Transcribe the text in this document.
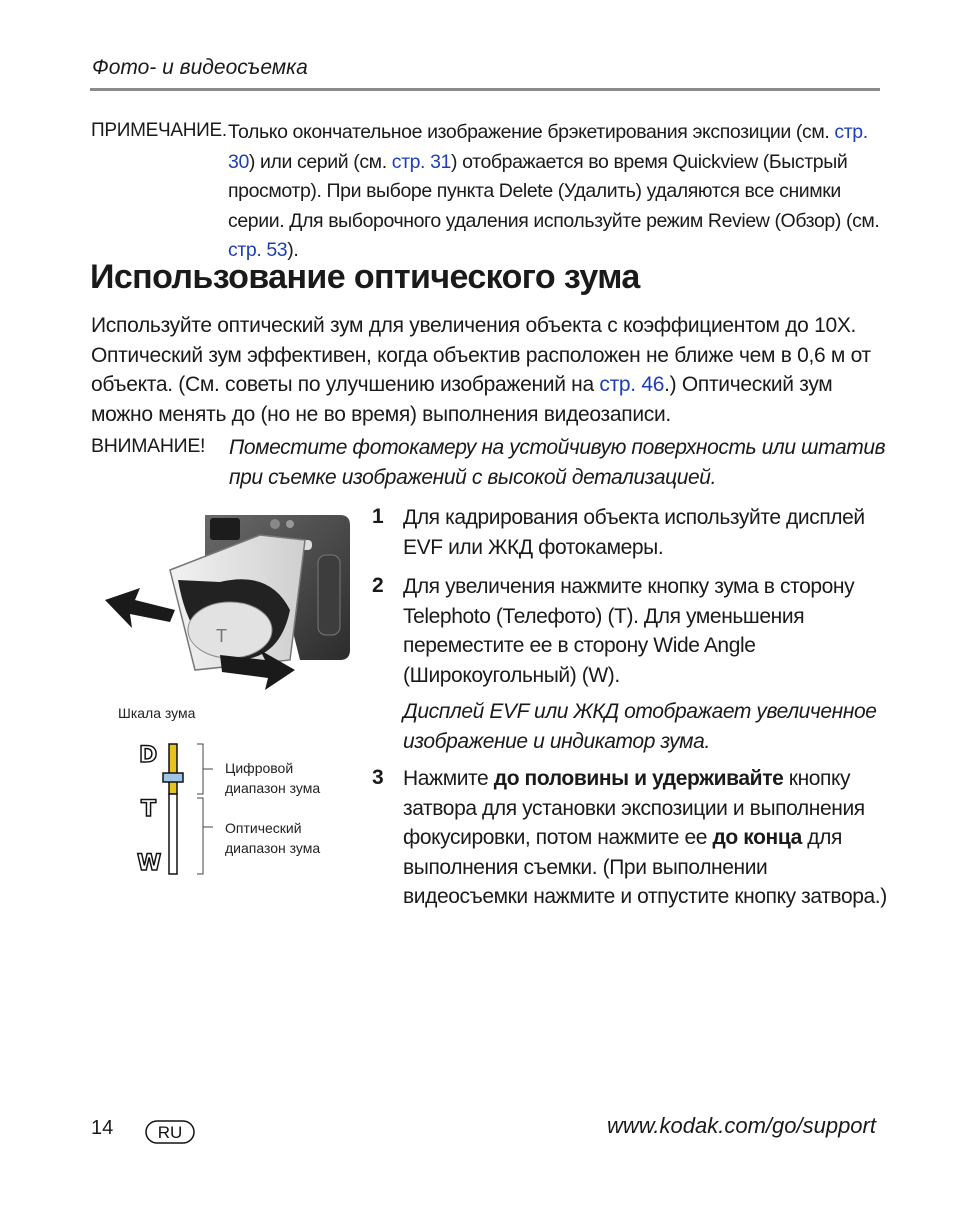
Фото- и видеосъемка
ПРИМЕЧАНИЕ. Только окончательное изображение брэкетирования экспозиции (см. стр. 30) или серий (см. стр. 31) отображается во время Quickview (Быстрый просмотр). При выборе пункта Delete (Удалить) удаляются все снимки серии. Для выборочного удаления используйте режим Review (Обзор) (см. стр. 53).
Использование оптического зума
Используйте оптический зум для увеличения объекта с коэффициентом до 10X. Оптический зум эффективен, когда объектив расположен не ближе чем в 0,6 м от объекта. (См. советы по улучшению изображений на стр. 46.) Оптический зум можно менять до (но не во время) выполнения видеозаписи.
ВНИМАНИЕ! Поместите фотокамеру на устойчивую поверхность или штатив при съемке изображений с высокой детализацией.
T
Шкала зума
D
T
W
Цифровой диапазон зума
Оптический диапазон зума
1 Для кадрирования объекта используйте дисплей EVF или ЖКД фотокамеры.
2 Для увеличения нажмите кнопку зума в сторону Telephoto (Телефото) (T). Для уменьшения переместите ее в сторону Wide Angle (Широкоугольный) (W).
Дисплей EVF или ЖКД отображает увеличенное изображение и индикатор зума.
3 Нажмите до половины и удерживайте кнопку затвора для установки экспозиции и выполнения фокусировки, потом нажмите ее до конца для выполнения съемки. (При выполнении видеосъемки нажмите и отпустите кнопку затвора.)
14	RU	www.kodak.com/go/support
